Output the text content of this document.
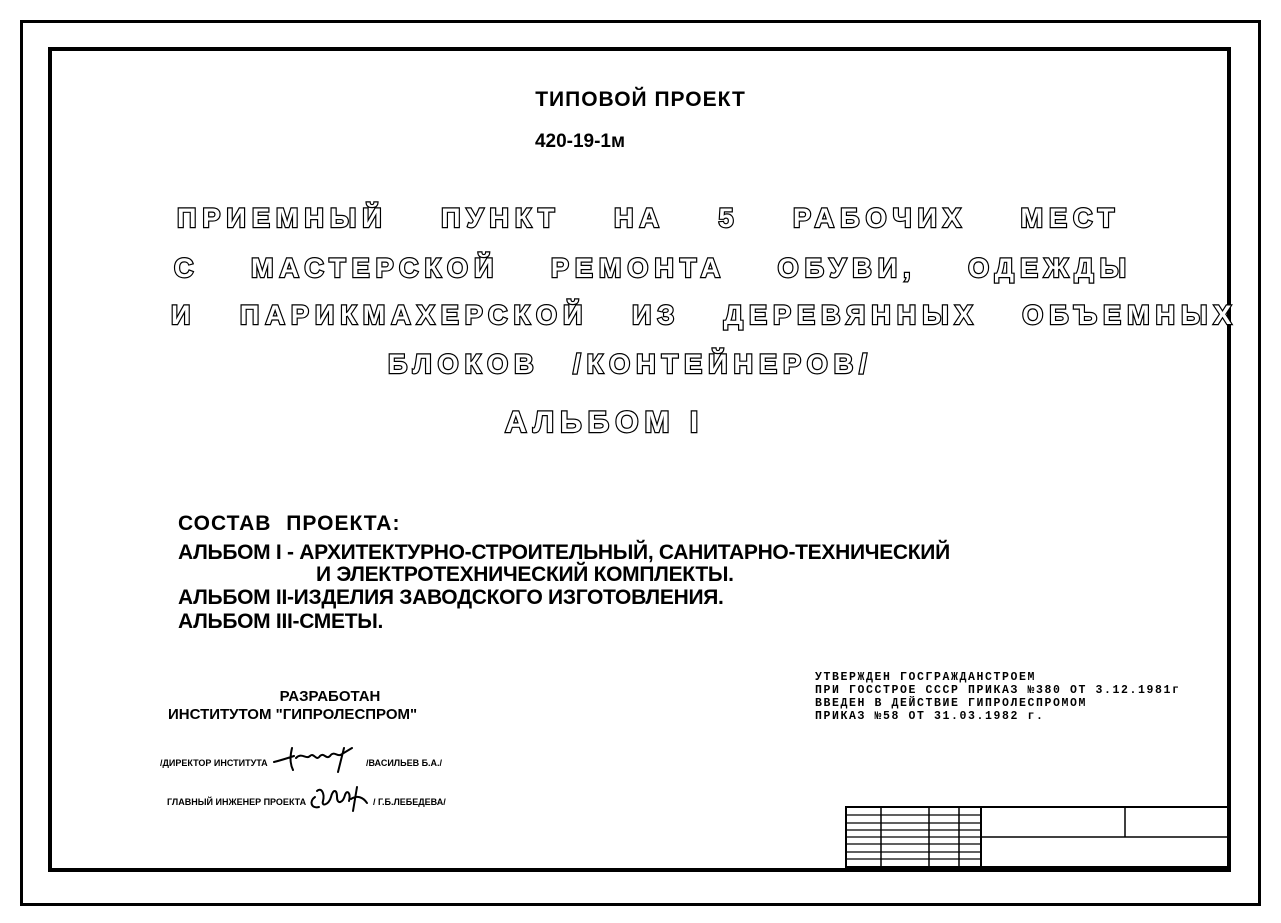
ТИПОВОЙ ПРОЕКТ
420-19-1м
ПРИЕМНЫЙ ПУНКТ НА 5 РАБОЧИХ МЕСТ
С МАСТЕРСКОЙ РЕМОНТА ОБУВИ, ОДЕЖДЫ
И ПАРИКМАХЕРСКОЙ ИЗ ДЕРЕВЯННЫХ ОБЪЕМНЫХ
БЛОКОВ /КОНТЕЙНЕРОВ/
АЛЬБОМ I
СОСТАВ ПРОЕКТА:
АЛЬБОМ I - АРХИТЕКТУРНО-СТРОИТЕЛЬНЫЙ, САНИТАРНО-ТЕХНИЧЕСКИЙ
И ЭЛЕКТРОТЕХНИЧЕСКИЙ КОМПЛЕКТЫ.
АЛЬБОМ II-ИЗДЕЛИЯ ЗАВОДСКОГО ИЗГОТОВЛЕНИЯ.
АЛЬБОМ III-СМЕТЫ.
РАЗРАБОТАН
ИНСТИТУТОМ "ГИПРОЛЕСПРОМ"
/ДИРЕКТОР ИНСТИТУТА	/ВАСИЛЬЕВ Б.А./
ГЛАВНЫЙ ИНЖЕНЕР ПРОЕКТА	/ Г.Б.ЛЕБЕДЕВА/
УТВЕРЖДЕН ГОСГРАЖДАНСТРОЕМ
ПРИ ГОССТРОЕ СССР ПРИКАЗ №380 ОТ 3.12.1981г
ВВЕДЕН В ДЕЙСТВИЕ ГИПРОЛЕСПРОМОМ
ПРИКАЗ №58 ОТ 31.03.1982 г.
